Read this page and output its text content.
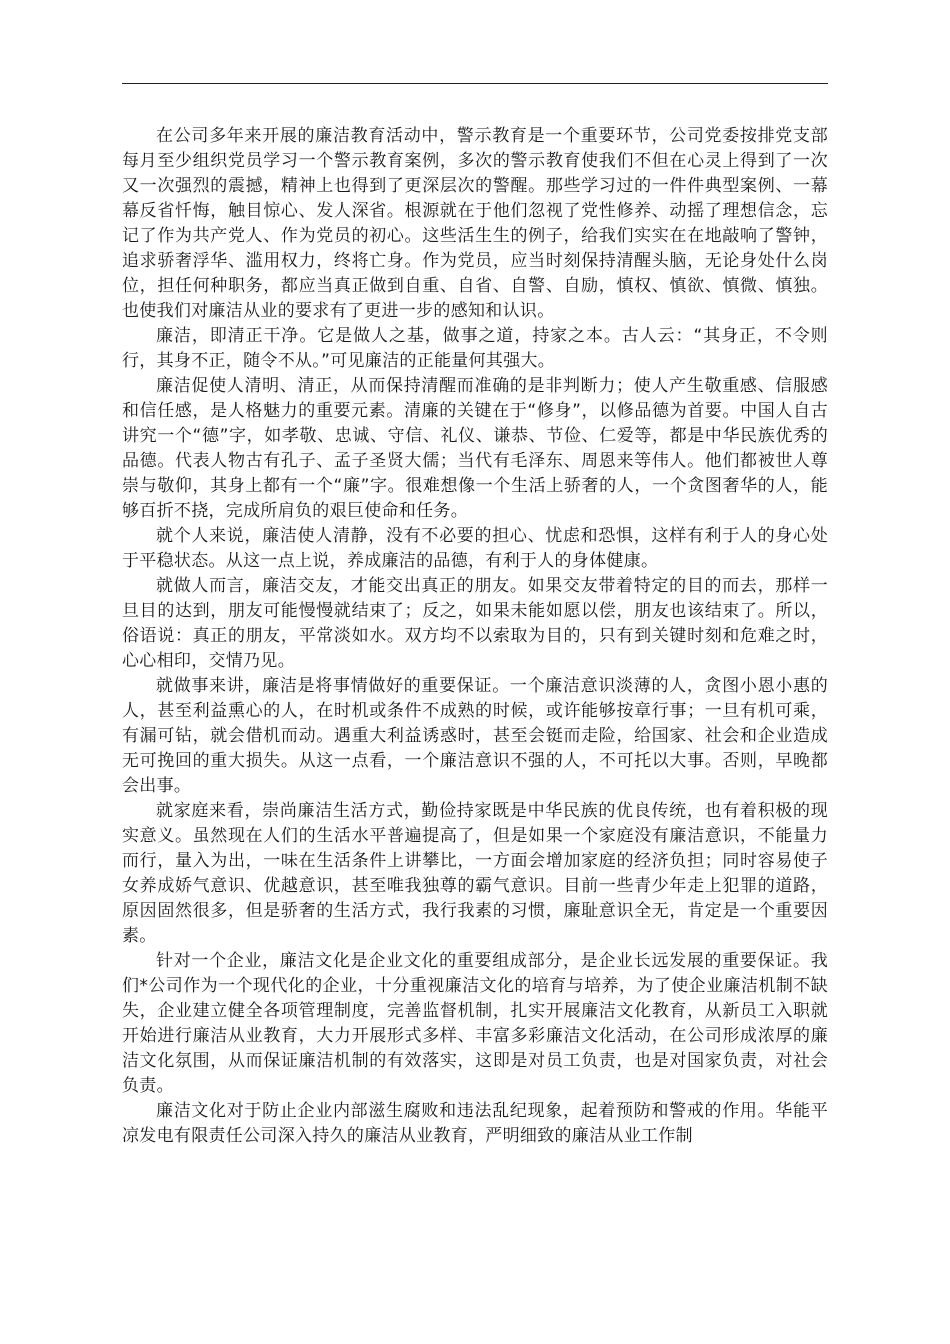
在公司多年来开展的廉洁教育活动中，警示教育是一个重要环节，公司党委按排党支部每月至少组织党员学习一个警示教育案例，多次的警示教育使我们不但在心灵上得到了一次又一次强烈的震撼，精神上也得到了更深层次的警醒。那些学习过的一件件典型案例、一幕幕反省忏悔，触目惊心、发人深省。根源就在于他们忽视了党性修养、动摇了理想信念，忘记了作为共产党人、作为党员的初心。这些活生生的例子，给我们实实在在地敲响了警钟，追求骄奢浮华、滥用权力，终将亡身。作为党员，应当时刻保持清醒头脑，无论身处什么岗位，担任何种职务，都应当真正做到自重、自省、自警、自励，慎权、慎欲、慎微、慎独。也使我们对廉洁从业的要求有了更进一步的感知和认识。

廉洁，即清正干净。它是做人之基，做事之道，持家之本。古人云：“其身正，不令则行，其身不正，随令不从。”可见廉洁的正能量何其强大。

廉洁促使人清明、清正，从而保持清醒而准确的是非判断力；使人产生敬重感、信服感和信任感，是人格魅力的重要元素。清廉的关键在于“修身”，以修品德为首要。中国人自古讲究一个“德”字，如孝敬、忠诚、守信、礼仪、谦恭、节俭、仁爱等，都是中华民族优秀的品德。代表人物古有孔子、孟子圣贤大儒；当代有毛泽东、周恩来等伟人。他们都被世人尊崇与敬仰，其身上都有一个“廉”字。很难想像一个生活上骄奢的人，一个贪图奢华的人，能够百折不挠，完成所肩负的艰巨使命和任务。

就个人来说，廉洁使人清静，没有不必要的担心、忧虑和恐惧，这样有利于人的身心处于平稳状态。从这一点上说，养成廉洁的品德，有利于人的身体健康。

就做人而言，廉洁交友，才能交出真正的朋友。如果交友带着特定的目的而去，那样一旦目的达到，朋友可能慢慢就结束了；反之，如果未能如愿以偿，朋友也该结束了。所以，俗语说：真正的朋友，平常淡如水。双方均不以索取为目的，只有到关键时刻和危难之时，心心相印，交情乃见。

就做事来讲，廉洁是将事情做好的重要保证。一个廉洁意识淡薄的人，贪图小恩小惠的人，甚至利益熏心的人，在时机或条件不成熟的时候，或许能够按章行事；一旦有机可乘，有漏可钻，就会借机而动。遇重大利益诱惑时，甚至会铤而走险，给国家、社会和企业造成无可挽回的重大损失。从这一点看，一个廉洁意识不强的人，不可托以大事。否则，早晚都会出事。

就家庭来看，崇尚廉洁生活方式，勤俭持家既是中华民族的优良传统，也有着积极的现实意义。虽然现在人们的生活水平普遍提高了，但是如果一个家庭没有廉洁意识，不能量力而行，量入为出，一味在生活条件上讲攀比，一方面会增加家庭的经济负担；同时容易使子女养成娇气意识、优越意识，甚至唯我独尊的霸气意识。目前一些青少年走上犯罪的道路，原因固然很多，但是骄奢的生活方式，我行我素的习惯，廉耻意识全无，肯定是一个重要因素。

针对一个企业，廉洁文化是企业文化的重要组成部分，是企业长远发展的重要保证。我们*公司作为一个现代化的企业，十分重视廉洁文化的培育与培养，为了使企业廉洁机制不缺失，企业建立健全各项管理制度，完善监督机制，扎实开展廉洁文化教育，从新员工入职就开始进行廉洁从业教育，大力开展形式多样、丰富多彩廉洁文化活动，在公司形成浓厚的廉洁文化氛围，从而保证廉洁机制的有效落实，这即是对员工负责，也是对国家负责，对社会负责。

廉洁文化对于防止企业内部滋生腐败和违法乱纪现象，起着预防和警戒的作用。华能平凉发电有限责任公司深入持久的廉洁从业教育，严明细致的廉洁从业工作制
